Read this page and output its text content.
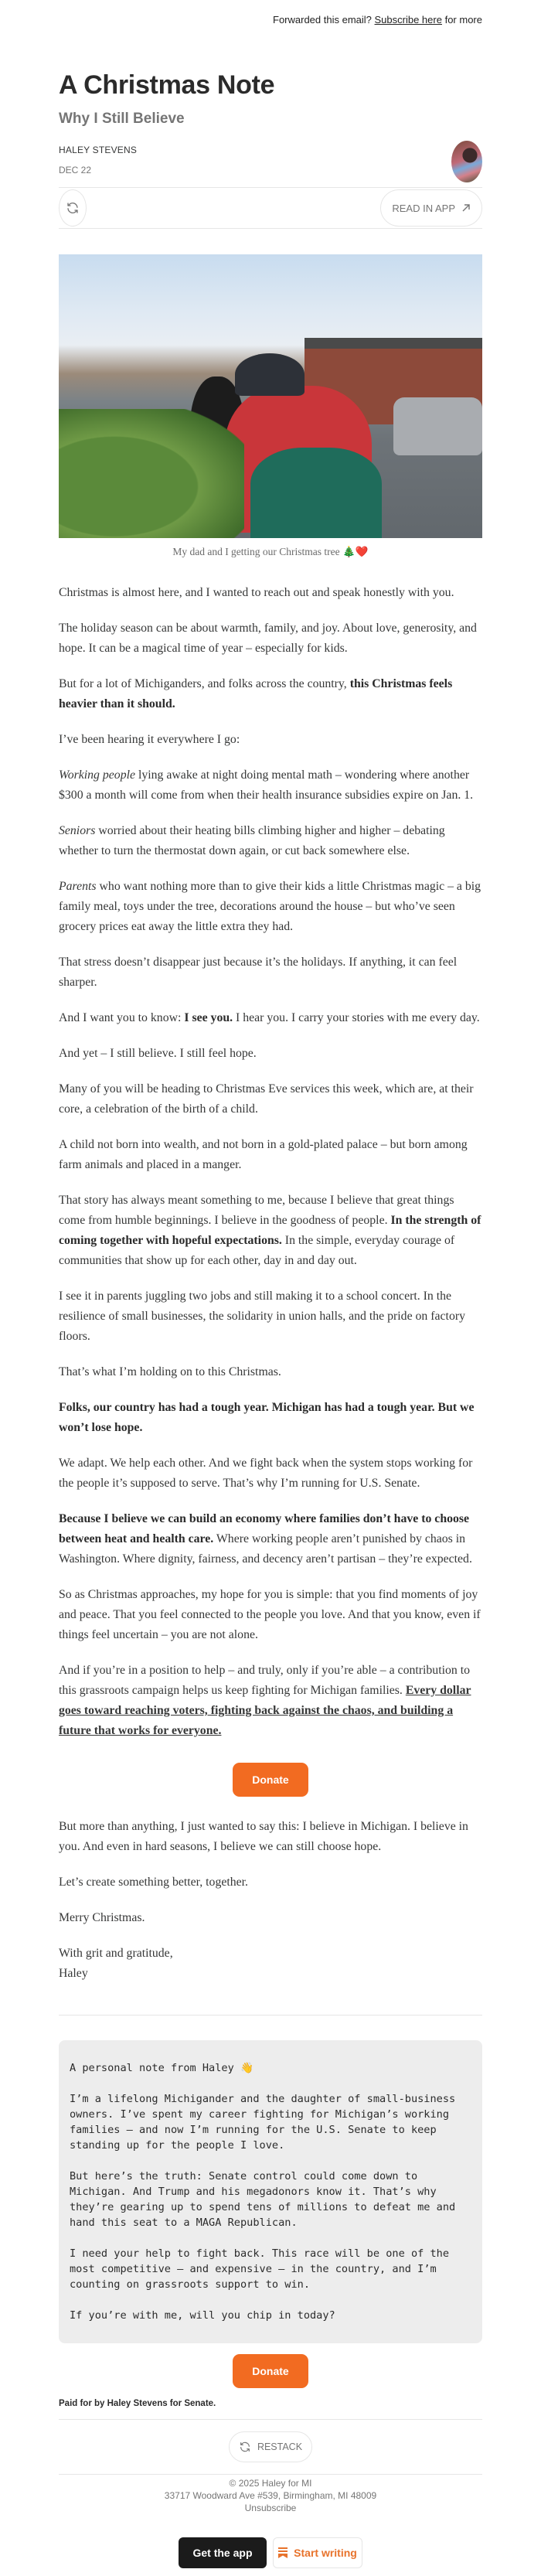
Forwarded this email? Subscribe here for more
A Christmas Note
Why I Still Believe
HALEY STEVENS
DEC 22
READ IN APP
My dad and I getting our Christmas tree 🎄❤️

Christmas is almost here, and I wanted to reach out and speak honestly with you.

The holiday season can be about warmth, family, and joy. About love, generosity, and hope. It can be a magical time of year – especially for kids.

But for a lot of Michiganders, and folks across the country, this Christmas feels heavier than it should.

I’ve been hearing it everywhere I go:

Working people lying awake at night doing mental math – wondering where another $300 a month will come from when their health insurance subsidies expire on Jan. 1.

Seniors worried about their heating bills climbing higher and higher – debating whether to turn the thermostat down again, or cut back somewhere else.

Parents who want nothing more than to give their kids a little Christmas magic – a big family meal, toys under the tree, decorations around the house – but who’ve seen grocery prices eat away the little extra they had.

That stress doesn’t disappear just because it’s the holidays. If anything, it can feel sharper.

And I want you to know: I see you. I hear you. I carry your stories with me every day.

And yet – I still believe. I still feel hope.

Many of you will be heading to Christmas Eve services this week, which are, at their core, a celebration of the birth of a child.

A child not born into wealth, and not born in a gold-plated palace – but born among farm animals and placed in a manger.

That story has always meant something to me, because I believe that great things come from humble beginnings. I believe in the goodness of people. In the strength of coming together with hopeful expectations. In the simple, everyday courage of communities that show up for each other, day in and day out.

I see it in parents juggling two jobs and still making it to a school concert. In the resilience of small businesses, the solidarity in union halls, and the pride on factory floors.

That’s what I’m holding on to this Christmas.

Folks, our country has had a tough year. Michigan has had a tough year. But we won’t lose hope.

We adapt. We help each other. And we fight back when the system stops working for the people it’s supposed to serve. That’s why I’m running for U.S. Senate.

Because I believe we can build an economy where families don’t have to choose between heat and health care. Where working people aren’t punished by chaos in Washington. Where dignity, fairness, and decency aren’t partisan – they’re expected.

So as Christmas approaches, my hope for you is simple: that you find moments of joy and peace. That you feel connected to the people you love. And that you know, even if things feel uncertain – you are not alone.

And if you’re in a position to help – and truly, only if you’re able – a contribution to this grassroots campaign helps us keep fighting for Michigan families. Every dollar goes toward reaching voters, fighting back against the chaos, and building a future that works for everyone.

Donate

But more than anything, I just wanted to say this: I believe in Michigan. I believe in you. And even in hard seasons, I believe we can still choose hope.

Let’s create something better, together.

Merry Christmas.

With grit and gratitude,

Haley

A personal note from Haley 👋

I’m a lifelong Michigander and the daughter of small-business owners. I’ve spent my career fighting for Michigan’s working families – and now I’m running for the U.S. Senate to keep standing up for the people I love.

But here’s the truth: Senate control could come down to Michigan. And Trump and his megadonors know it. That’s why they’re gearing up to spend tens of millions to defeat me and hand this seat to a MAGA Republican.

I need your help to fight back. This race will be one of the most competitive – and expensive – in the country, and I’m counting on grassroots support to win.

If you’re with me, will you chip in today?

Donate
Paid for by Haley Stevens for Senate.
RESTACK
© 2025 Haley for MI
33717 Woodward Ave #539, Birmingham, MI 48009
Unsubscribe
Get the app	Start writing
